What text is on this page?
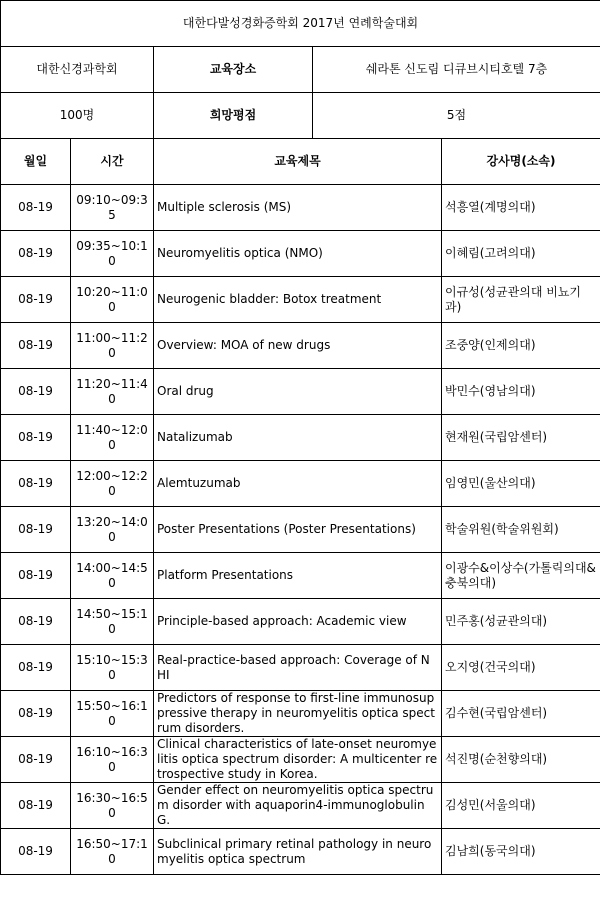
대한다발성경화증학회 2017년 연례학술대회				
대한신경과학회		교육장소	쉐라톤 신도림 디큐브시티호텔 7층	
100명		희망평점	5점	
월일	시간	교육제목		강사명(소속)
08-19	09:10~09:35	Multiple sclerosis (MS)		석흥열(계명의대)
08-19	09:35~10:10	Neuromyelitis optica (NMO)		이혜림(고려의대)
08-19	10:20~11:00	Neurogenic bladder: Botox treatment		이규성(성균관의대 비뇨기과)
08-19	11:00~11:20	Overview: MOA of new drugs		조중양(인제의대)
08-19	11:20~11:40	Oral drug		박민수(영남의대)
08-19	11:40~12:00	Natalizumab		현재원(국립암센터)
08-19	12:00~12:20	Alemtuzumab		임영민(울산의대)
08-19	13:20~14:00	Poster Presentations (Poster Presentations)		학술위원(학술위원회)
08-19	14:00~14:50	Platform Presentations		이광수&이상수(가톨릭의대&충북의대)
08-19	14:50~15:10	Principle-based approach: Academic view		민주홍(성균관의대)
08-19	15:10~15:30	Real-practice-based approach: Coverage of NHI		오지영(건국의대)
08-19	15:50~16:10	Predictors of response to first-line immunosuppressive therapy in neuromyelitis optica spectrum disorders.		김수현(국립암센터)
08-19	16:10~16:30	Clinical characteristics of late-onset neuromyelitis optica spectrum disorder: A multicenter retrospective study in Korea.		석진명(순천향의대)
08-19	16:30~16:50	Gender effect on neuromyelitis optica spectrum disorder with aquaporin4-immunoglobulin G.		김성민(서울의대)
08-19	16:50~17:10	Subclinical primary retinal pathology in neuromyelitis optica spectrum		김남희(동국의대)
